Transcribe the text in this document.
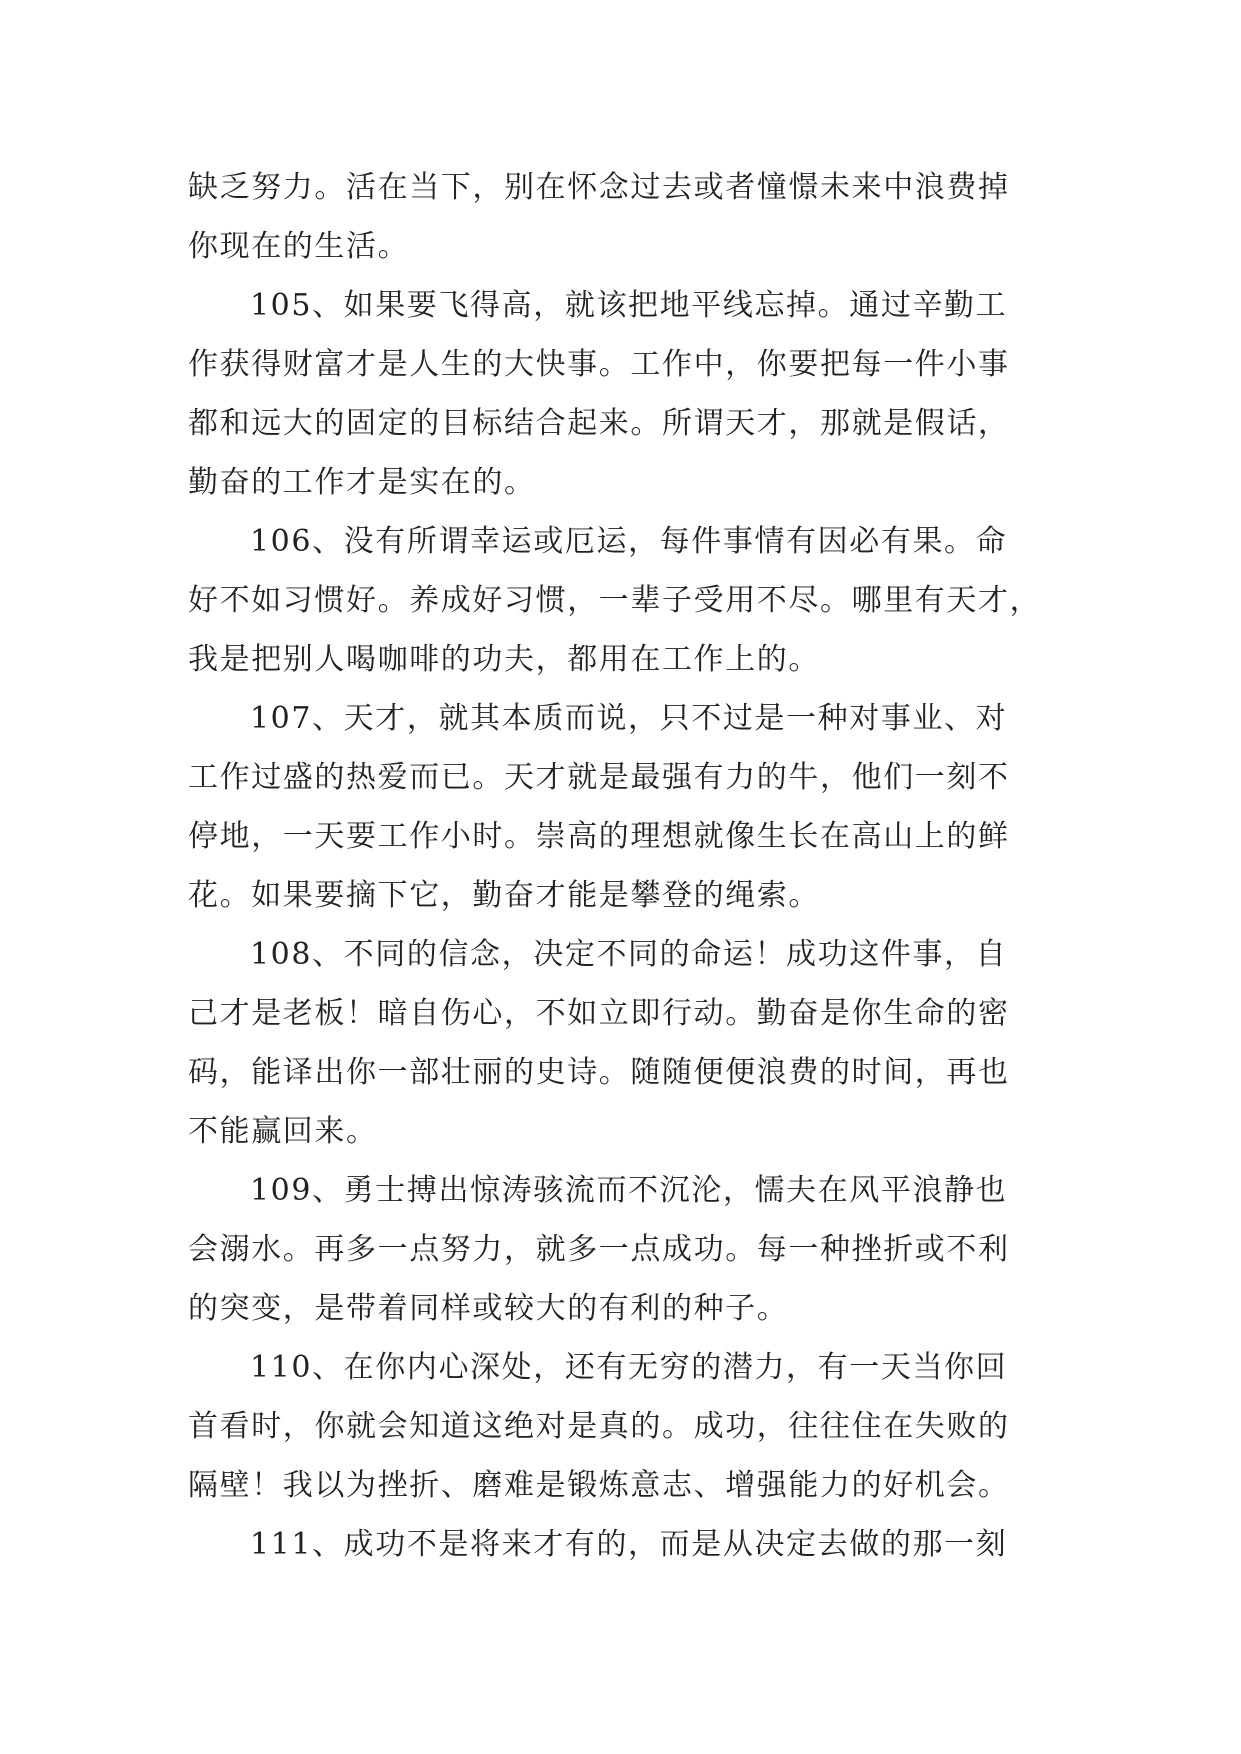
缺乏努力。活在当下，别在怀念过去或者憧憬未来中浪费掉
你现在的生活。
105、如果要飞得高，就该把地平线忘掉。通过辛勤工
作获得财富才是人生的大快事。工作中，你要把每一件小事
都和远大的固定的目标结合起来。所谓天才，那就是假话，
勤奋的工作才是实在的。
106、没有所谓幸运或厄运，每件事情有因必有果。命
好不如习惯好。养成好习惯，一辈子受用不尽。哪里有天才，
我是把别人喝咖啡的功夫，都用在工作上的。
107、天才，就其本质而说，只不过是一种对事业、对
工作过盛的热爱而已。天才就是最强有力的牛，他们一刻不
停地，一天要工作小时。崇高的理想就像生长在高山上的鲜
花。如果要摘下它，勤奋才能是攀登的绳索。
108、不同的信念，决定不同的命运！成功这件事，自
己才是老板！暗自伤心，不如立即行动。勤奋是你生命的密
码，能译出你一部壮丽的史诗。随随便便浪费的时间，再也
不能赢回来。
109、勇士搏出惊涛骇流而不沉沦，懦夫在风平浪静也
会溺水。再多一点努力，就多一点成功。每一种挫折或不利
的突变，是带着同样或较大的有利的种子。
110、在你内心深处，还有无穷的潜力，有一天当你回
首看时，你就会知道这绝对是真的。成功，往往住在失败的
隔壁！我以为挫折、磨难是锻炼意志、增强能力的好机会。
111、成功不是将来才有的，而是从决定去做的那一刻
